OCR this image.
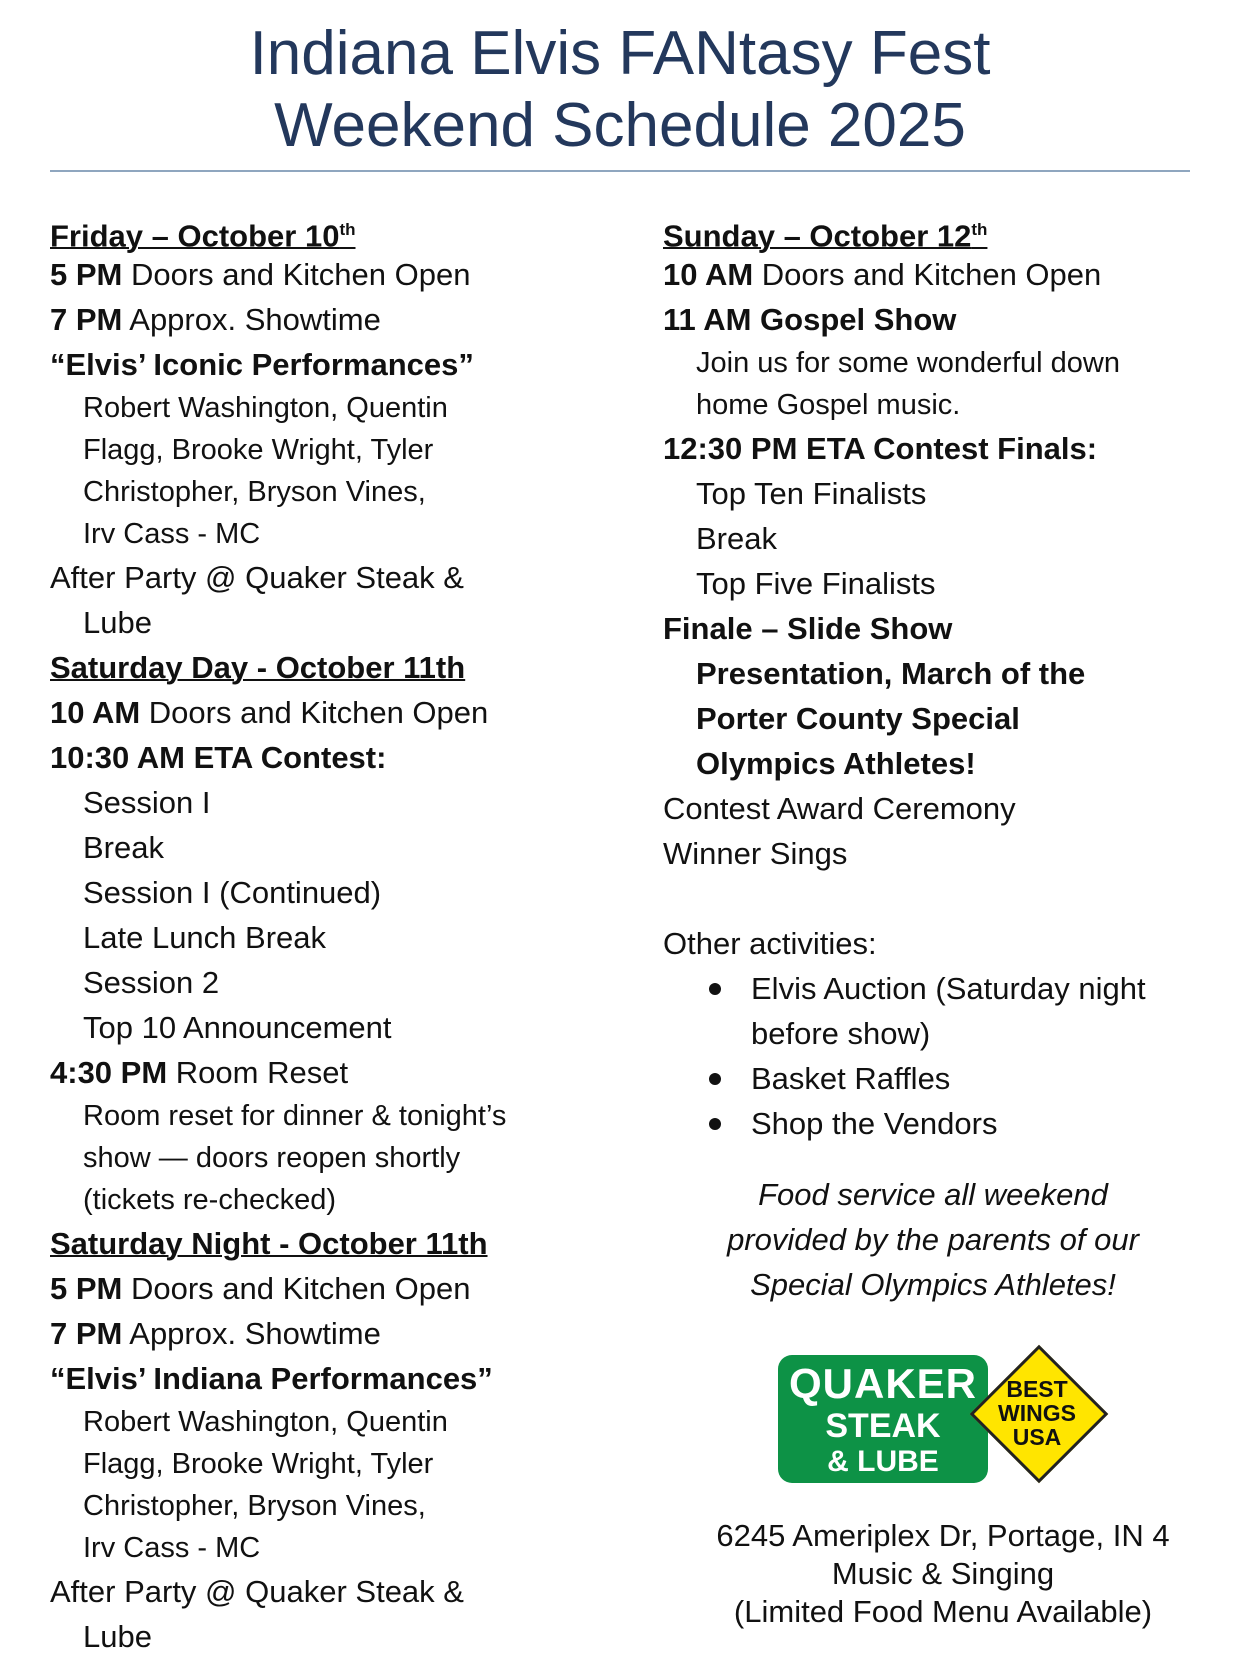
Indiana Elvis FANtasy Fest
Weekend Schedule 2025
Friday – October 10th
5 PM Doors and Kitchen Open
7 PM Approx. Showtime
“Elvis’ Iconic Performances”
Robert Washington, Quentin
Flagg, Brooke Wright, Tyler
Christopher, Bryson Vines,
Irv Cass - MC
After Party @ Quaker Steak &
Lube
Saturday Day - October 11th
10 AM Doors and Kitchen Open
10:30 AM ETA Contest:
Session I
Break
Session I (Continued)
Late Lunch Break
Session 2
Top 10 Announcement
4:30 PM Room Reset
Room reset for dinner & tonight’s
show — doors reopen shortly
(tickets re-checked)
Saturday Night - October 11th
5 PM Doors and Kitchen Open
7 PM Approx. Showtime
“Elvis’ Indiana Performances”
Robert Washington, Quentin
Flagg, Brooke Wright, Tyler
Christopher, Bryson Vines,
Irv Cass - MC
After Party @ Quaker Steak &
Lube
Sunday – October 12th
10 AM Doors and Kitchen Open
11 AM Gospel Show
Join us for some wonderful down
home Gospel music.
12:30 PM ETA Contest Finals:
Top Ten Finalists
Break
Top Five Finalists
Finale – Slide Show
Presentation, March of the
Porter County Special
Olympics Athletes!
Contest Award Ceremony
Winner Sings
Other activities:
Elvis Auction (Saturday night
before show)
Basket Raffles
Shop the Vendors
Food service all weekend
provided by the parents of our
Special Olympics Athletes!
QUAKER
STEAK
& LUBE
BEST
WINGS
USA
6245 Ameriplex Dr, Portage, IN 4
Music & Singing
(Limited Food Menu Available)
